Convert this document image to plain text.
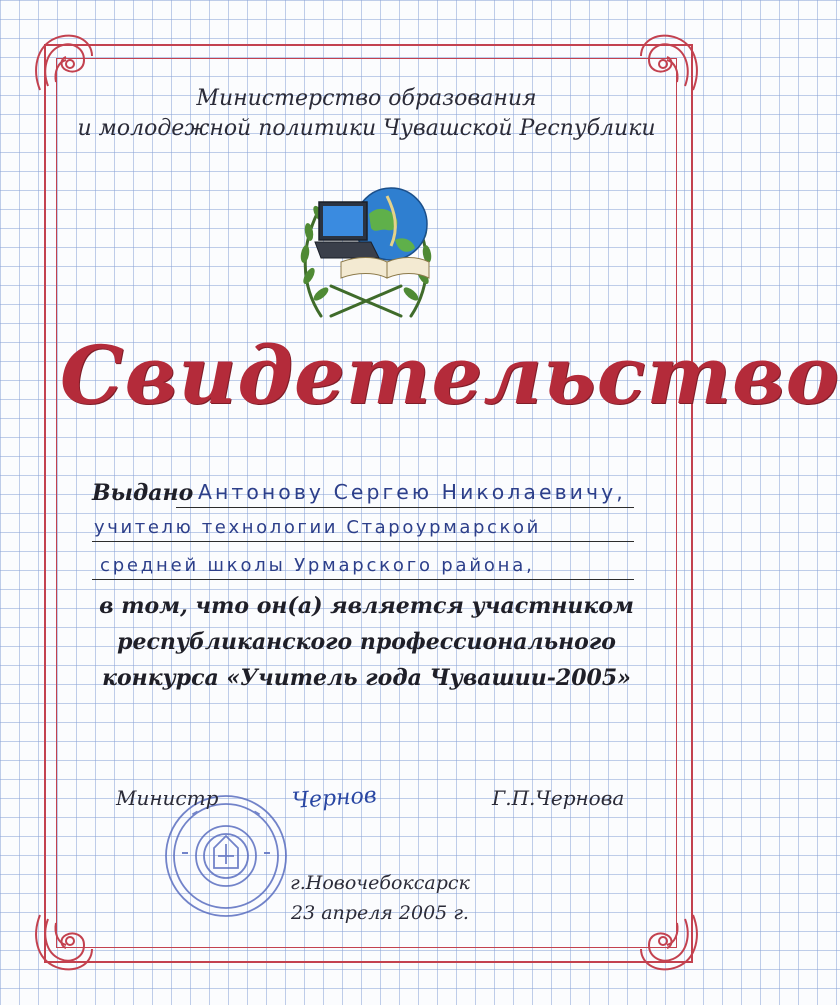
Министерство образования
и молодежной политики Чувашской Республики
Свидетельство
Выдано Антонову Сергею Николаевичу,
учителю технологии Староурмарской
средней школы Урмарского района,
в том, что он(а) является участником
республиканского профессионального
конкурса «Учитель года Чувашии-2005»
Министр	Чернов	Г.П.Чернова
г.Новочебоксарск
23 апреля 2005 г.
